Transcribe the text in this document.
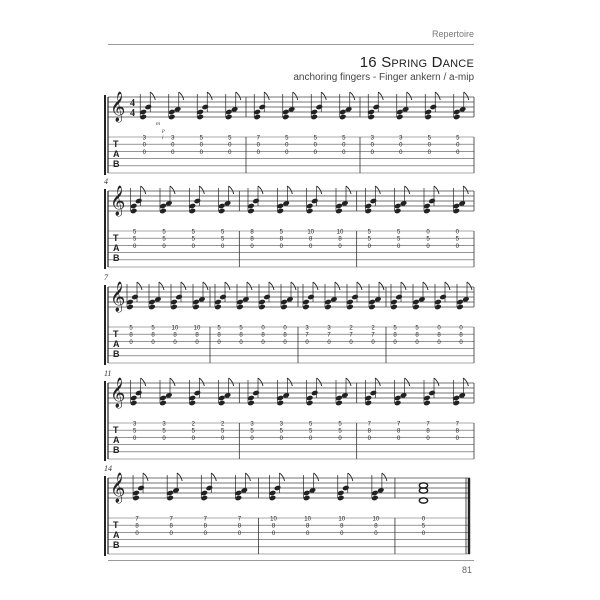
Repertoire
16 Spring Dance
anchoring fingers - Finger ankern / a-mip
𝄞
T
A
B
4
4
3
0
0
3
0
0
5
0
0
5
0
0
7
0
0
5
0
0
5
0
0
5
0
0
3
0
0
3
0
0
5
0
0
5
0
0
m
p
i
𝄞
T
A
B
4
5
5
0
5
5
0
5
5
0
5
5
0
8
8
0
5
8
0
10
8
0
10
8
0
5
5
0
5
5
0
0
5
0
0
5
0
𝄞
T
A
B
7
5
8
0
5
8
0
10
8
0
10
8
0
5
8
0
5
8
0
0
8
0
0
8
0
3
7
0
3
7
0
2
7
0
2
7
0
5
8
0
5
8
0
0
8
0
0
8
0
𝄞
T
A
B
11
3
5
0
3
5
0
2
5
0
2
5
0
3
5
0
3
5
0
5
5
0
5
5
0
7
8
0
7
8
0
7
8
0
7
8
0
𝄞
T
A
B
14
7
8
0
7
8
0
7
8
0
7
8
0
10
8
0
10
8
0
10
8
0
10
8
0
0
5
0
81
